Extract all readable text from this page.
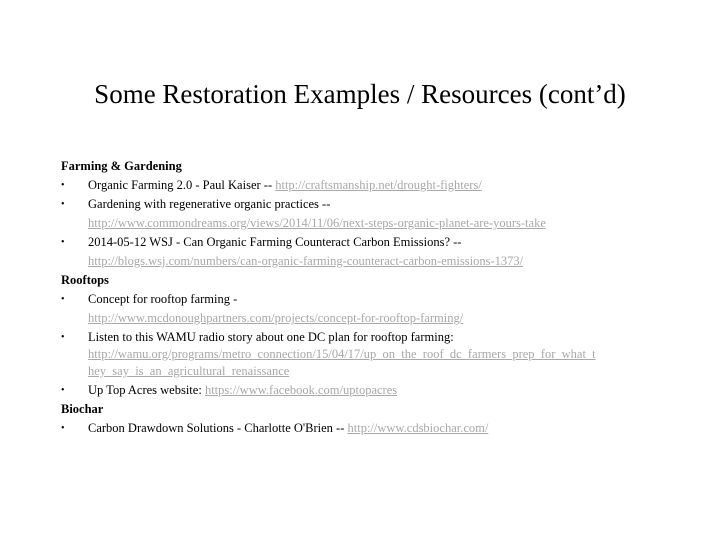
Some Restoration Examples / Resources (cont’d)
Farming & Gardening
•	Organic Farming 2.0 - Paul Kaiser -- http://craftsmanship.net/drought-fighters/
•	Gardening with regenerative organic practices --
http://www.commondreams.org/views/2014/11/06/next-steps-organic-planet-are-yours-take
•	2014-05-12 WSJ - Can Organic Farming Counteract Carbon Emissions? --
http://blogs.wsj.com/numbers/can-organic-farming-counteract-carbon-emissions-1373/
Rooftops
•	Concept for rooftop farming -
http://www.mcdonoughpartners.com/projects/concept-for-rooftop-farming/
•	Listen to this WAMU radio story about one DC plan for rooftop farming:
http://wamu.org/programs/metro_connection/15/04/17/up_on_the_roof_dc_farmers_prep_for_what_t
hey_say_is_an_agricultural_renaissance
•	Up Top Acres website: https://www.facebook.com/uptopacres
Biochar
•	Carbon Drawdown Solutions - Charlotte O'Brien -- http://www.cdsbiochar.com/
